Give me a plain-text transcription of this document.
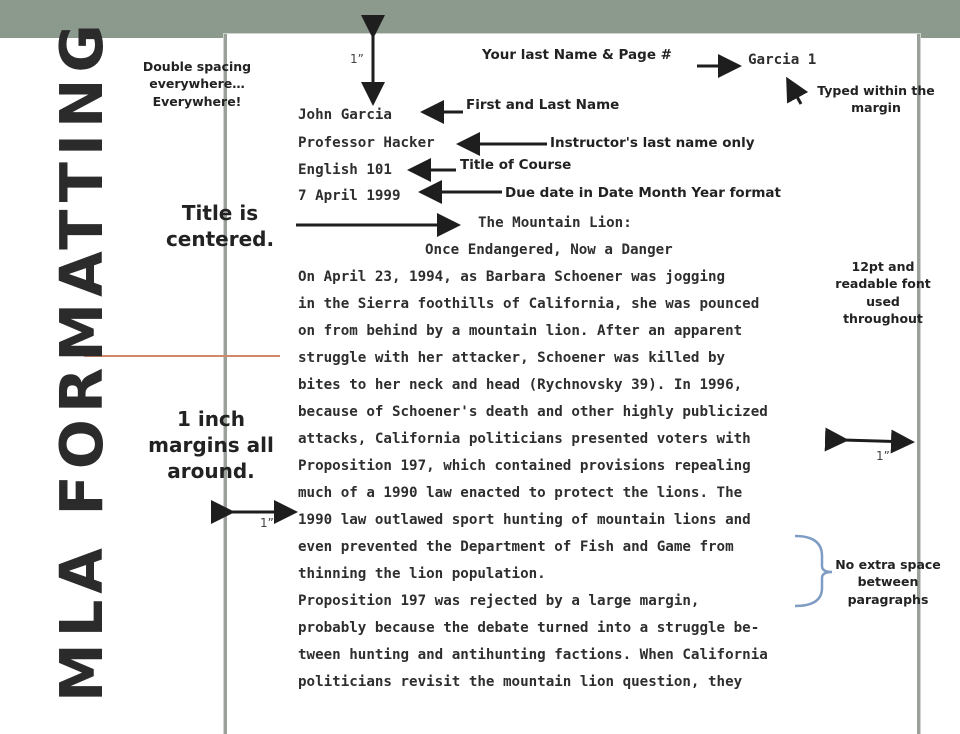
MLA FORMATTING	Garcia 1
John Garcia
Professor Hacker
English 101
7 April 1999
The Mountain Lion:
Once Endangered, Now a Danger
On April 23, 1994, as Barbara Schoener was jogging
in the Sierra foothills of California, she was pounced
on from behind by a mountain lion. After an apparent
struggle with her attacker, Schoener was killed by
bites to her neck and head (Rychnovsky 39). In 1996,
because of Schoener's death and other highly publicized
attacks, California politicians presented voters with
Proposition 197, which contained provisions repealing
much of a 1990 law enacted to protect the lions. The
1990 law outlawed sport hunting of mountain lions and
even prevented the Department of Fish and Game from
thinning the lion population.
Proposition 197 was rejected by a large margin,
probably because the debate turned into a struggle be-
tween hunting and antihunting factions. When California
politicians revisit the mountain lion question, they
Double spacing everywhere… Everywhere!
Your last Name & Page #
First and Last Name
Instructor's last name only
Title of Course
Due date in Date Month Year format
Typed within the margin
Title is centered.
12pt and readable font used throughout
1 inch margins all around.
No extra space between paragraphs
1”
1”
1”
